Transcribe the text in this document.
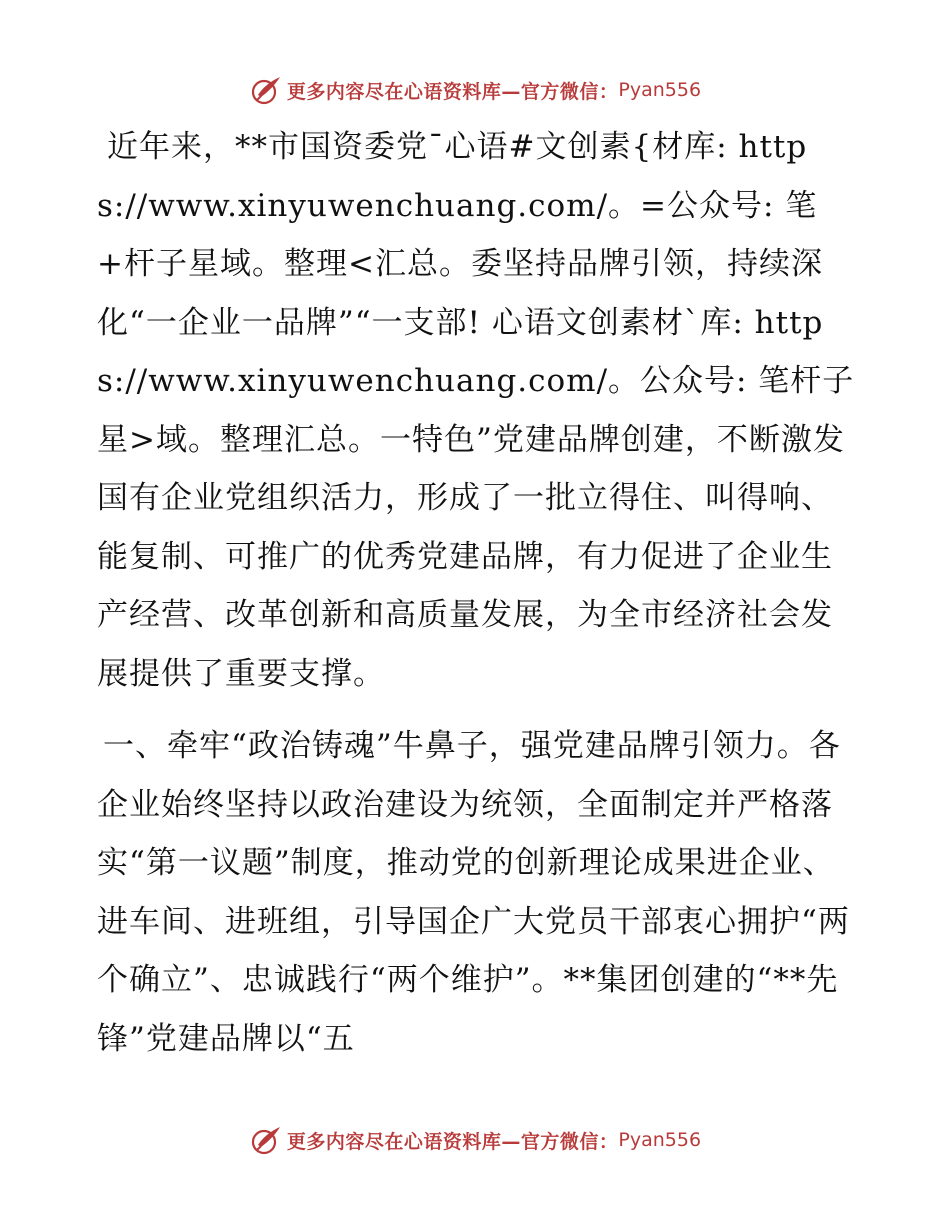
更多内容尽在心语资料库—官方微信： Pyan556

近年来，**市国资委党¯心语#文创素{材库: https://www.xinyuwenchuang.com/。=公众号: 笔+杆子星域。整理<汇总。委坚持品牌引领，持续深化“一企业一品牌”“一支部! 心语文创素材`库: https://www.xinyuwenchuang.com/。公众号: 笔杆子星>域。整理汇总。一特色”党建品牌创建，不断激发国有企业党组织活力，形成了一批立得住、叫得响、能复制、可推广的优秀党建品牌，有力促进了企业生产经营、改革创新和高质量发展，为全市经济社会发展提供了重要支撑。

一、牵牢“政治铸魂”牛鼻子，强党建品牌引领力。各企业始终坚持以政治建设为统领，全面制定并严格落实“第一议题”制度，推动党的创新理论成果进企业、进车间、进班组，引导国企广大党员干部衷心拥护“两个确立”、忠诚践行“两个维护”。**集团创建的“**先锋”党建品牌以“五

更多内容尽在心语资料库—官方微信： Pyan556
